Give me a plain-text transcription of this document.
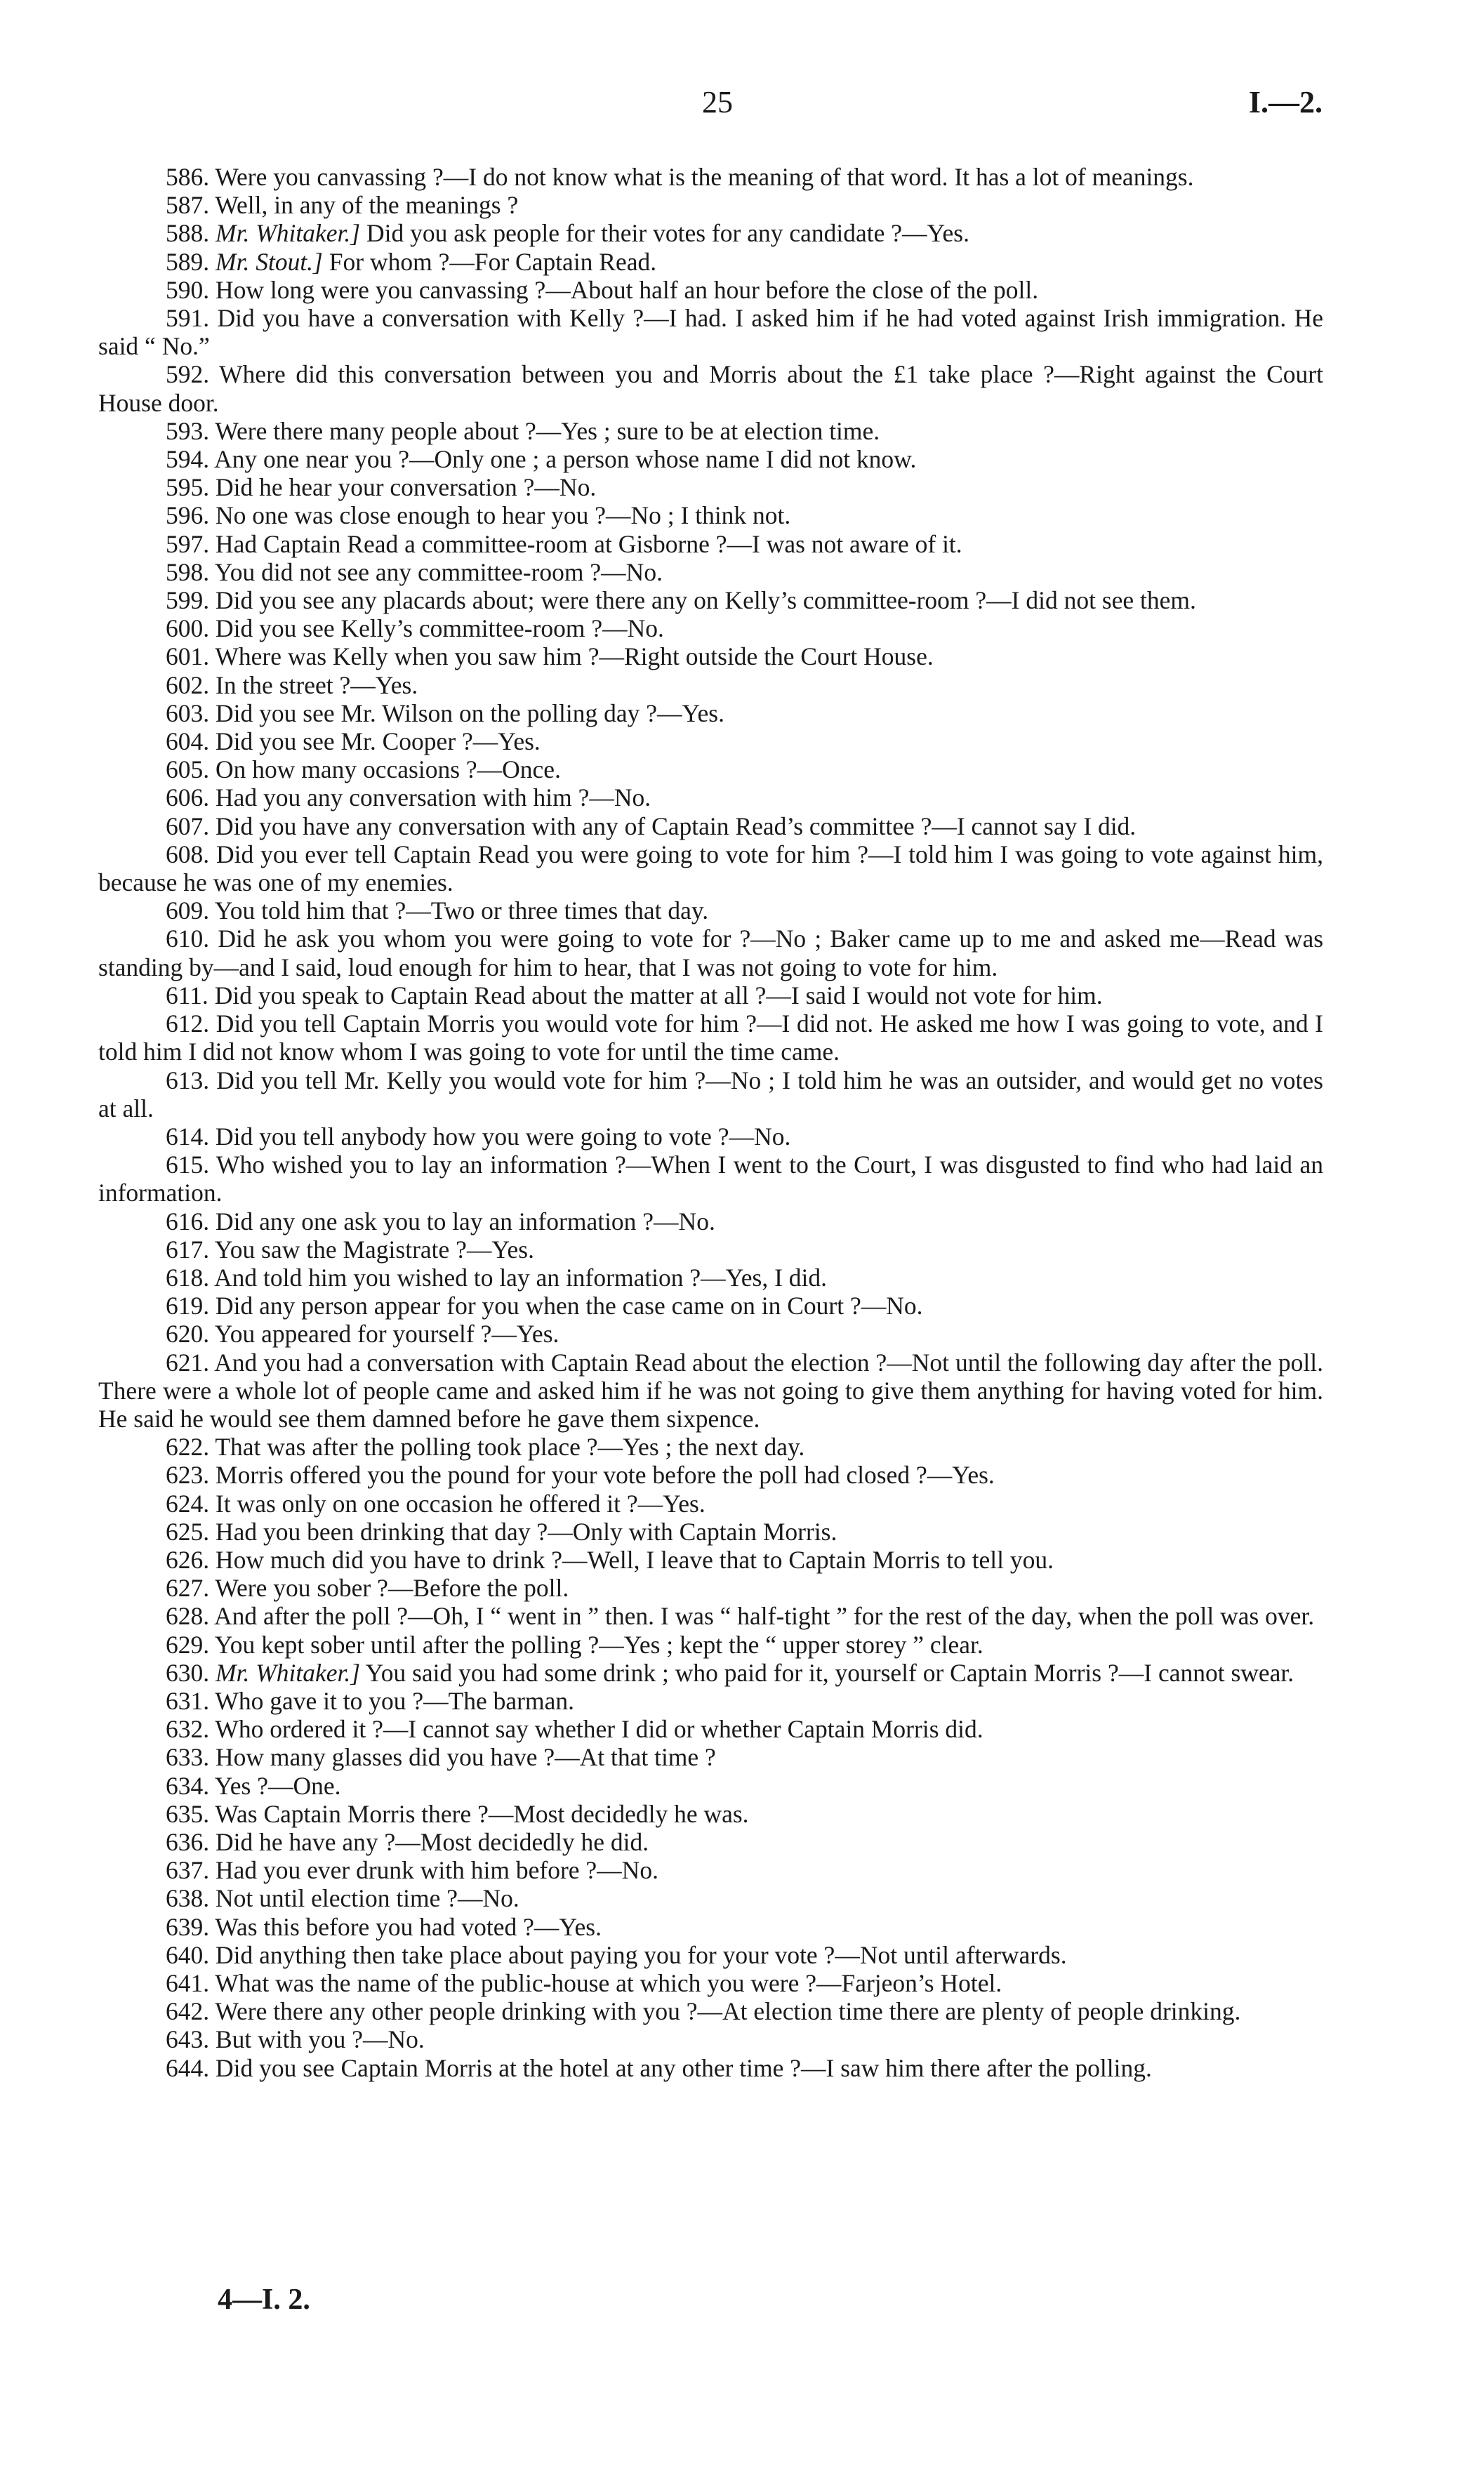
25	I.—2.

586. Were you canvassing ?—I do not know what is the meaning of that word. It has a lot of meanings.

587. Well, in any of the meanings ?

588. Mr. Whitaker.] Did you ask people for their votes for any candidate ?—Yes.

589. Mr. Stout.] For whom ?—For Captain Read.

590. How long were you canvassing ?—About half an hour before the close of the poll.

591. Did you have a conversation with Kelly ?—I had. I asked him if he had voted against Irish immigration. He said “ No.”

592. Where did this conversation between you and Morris about the £1 take place ?—Right against the Court House door.

593. Were there many people about ?—Yes ; sure to be at election time.

594. Any one near you ?—Only one ; a person whose name I did not know.

595. Did he hear your conversation ?—No.

596. No one was close enough to hear you ?—No ; I think not.

597. Had Captain Read a committee-room at Gisborne ?—I was not aware of it.

598. You did not see any committee-room ?—No.

599. Did you see any placards about; were there any on Kelly’s committee-room ?—I did not see them.

600. Did you see Kelly’s committee-room ?—No.

601. Where was Kelly when you saw him ?—Right outside the Court House.

602. In the street ?—Yes.

603. Did you see Mr. Wilson on the polling day ?—Yes.

604. Did you see Mr. Cooper ?—Yes.

605. On how many occasions ?—Once.

606. Had you any conversation with him ?—No.

607. Did you have any conversation with any of Captain Read’s committee ?—I cannot say I did.

608. Did you ever tell Captain Read you were going to vote for him ?—I told him I was going to vote against him, because he was one of my enemies.

609. You told him that ?—Two or three times that day.

610. Did he ask you whom you were going to vote for ?—No ; Baker came up to me and asked me—Read was standing by—and I said, loud enough for him to hear, that I was not going to vote for him.

611. Did you speak to Captain Read about the matter at all ?—I said I would not vote for him.

612. Did you tell Captain Morris you would vote for him ?—I did not. He asked me how I was going to vote, and I told him I did not know whom I was going to vote for until the time came.

613. Did you tell Mr. Kelly you would vote for him ?—No ; I told him he was an outsider, and would get no votes at all.

614. Did you tell anybody how you were going to vote ?—No.

615. Who wished you to lay an information ?—When I went to the Court, I was disgusted to find who had laid an information.

616. Did any one ask you to lay an information ?—No.

617. You saw the Magistrate ?—Yes.

618. And told him you wished to lay an information ?—Yes, I did.

619. Did any person appear for you when the case came on in Court ?—No.

620. You appeared for yourself ?—Yes.

621. And you had a conversation with Captain Read about the election ?—Not until the following day after the poll. There were a whole lot of people came and asked him if he was not going to give them anything for having voted for him. He said he would see them damned before he gave them sixpence.

622. That was after the polling took place ?—Yes ; the next day.

623. Morris offered you the pound for your vote before the poll had closed ?—Yes.

624. It was only on one occasion he offered it ?—Yes.

625. Had you been drinking that day ?—Only with Captain Morris.

626. How much did you have to drink ?—Well, I leave that to Captain Morris to tell you.

627. Were you sober ?—Before the poll.

628. And after the poll ?—Oh, I “ went in ” then. I was “ half-tight ” for the rest of the day, when the poll was over.

629. You kept sober until after the polling ?—Yes ; kept the “ upper storey ” clear.

630. Mr. Whitaker.] You said you had some drink ; who paid for it, yourself or Captain Morris ?—I cannot swear.

631. Who gave it to you ?—The barman.

632. Who ordered it ?—I cannot say whether I did or whether Captain Morris did.

633. How many glasses did you have ?—At that time ?

634. Yes ?—One.

635. Was Captain Morris there ?—Most decidedly he was.

636. Did he have any ?—Most decidedly he did.

637. Had you ever drunk with him before ?—No.

638. Not until election time ?—No.

639. Was this before you had voted ?—Yes.

640. Did anything then take place about paying you for your vote ?—Not until afterwards.

641. What was the name of the public-house at which you were ?—Farjeon’s Hotel.

642. Were there any other people drinking with you ?—At election time there are plenty of people drinking.

643. But with you ?—No.

644. Did you see Captain Morris at the hotel at any other time ?—I saw him there after the polling.

4—I. 2.
